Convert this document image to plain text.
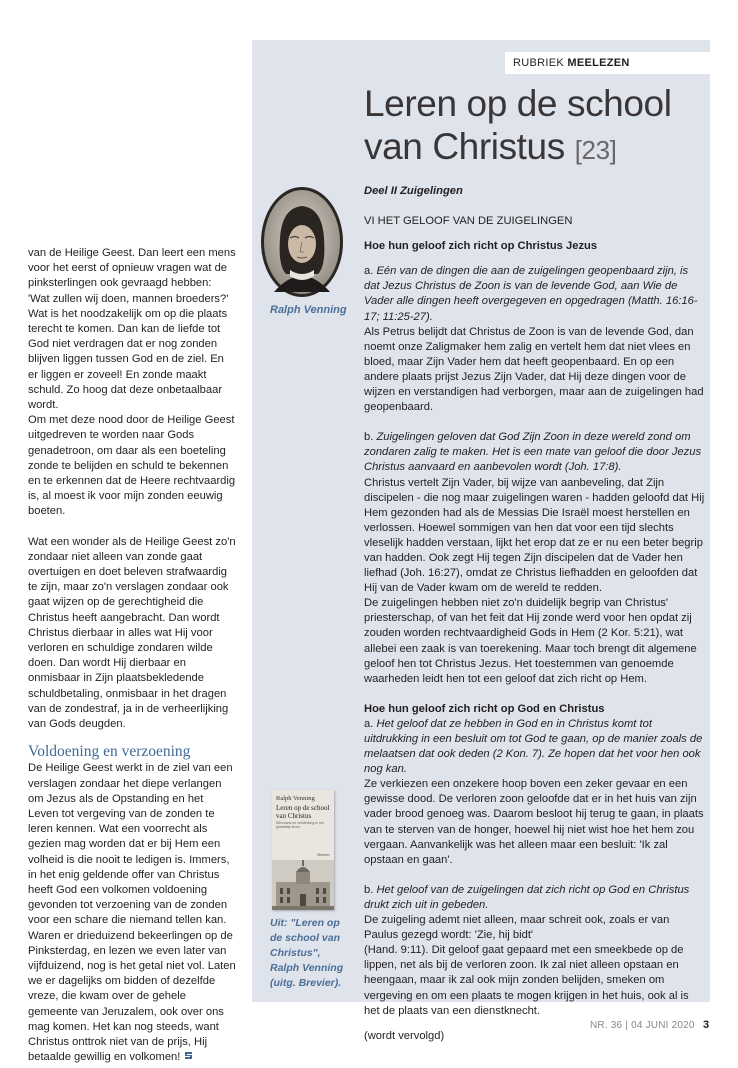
RUBRIEK MEELEZEN
Leren op de school
van Christus [23]
Ralph Venning

van de Heilige Geest. Dan leert een mens voor het eerst of opnieuw vragen wat de pinksterlingen ook gevraagd hebben: 'Wat zullen wij doen, mannen broeders?'

Wat is het noodzakelijk om op die plaats terecht te komen. Dan kan de liefde tot God niet verdragen dat er nog zonden blijven liggen tussen God en de ziel. En er liggen er zoveel! En zonde maakt schuld. Zo hoog dat deze onbetaalbaar wordt.

Om met deze nood door de Heilige Geest uitgedreven te worden naar Gods genadetroon, om daar als een boeteling zonde te belijden en schuld te bekennen en te erkennen dat de Heere rechtvaardig is, al moest ik voor mijn zonden eeuwig boeten.

Wat een wonder als de Heilige Geest zo'n zondaar niet alleen van zonde gaat overtuigen en doet beleven strafwaardig te zijn, maar zo'n verslagen zondaar ook gaat wijzen op de gerechtigheid die Christus heeft aangebracht. Dan wordt Christus dierbaar in alles wat Hij voor verloren en schuldige zondaren wilde doen. Dan wordt Hij dierbaar en onmisbaar in Zijn plaatsbekledende schuldbetaling, onmisbaar in het dragen van de zondestraf, ja in de verheerlijking van Gods deugden.

Voldoening en verzoening

De Heilige Geest werkt in de ziel van een verslagen zondaar het diepe verlangen om Jezus als de Opstanding en het Leven tot vergeving van de zonden te leren kennen. Wat een voorrecht als gezien mag worden dat er bij Hem een volheid is die nooit te ledigen is. Immers, in het enig geldende offer van Christus heeft God een volkomen voldoening gevonden tot verzoening van de zonden voor een schare die niemand tellen kan.

Waren er drieduizend bekeerlingen op de Pinksterdag, en lezen we even later van vijfduizend, nog is het getal niet vol. Laten we er dagelijks om bidden of dezelfde vreze, die kwam over de gehele gemeente van Jeruzalem, ook over ons mag komen. Het kan nog steeds, want Christus onttrok niet van de prijs, Hij betaalde gewillig en volkomen!

Deel II Zuigelingen

VI HET GELOOF VAN DE ZUIGELINGEN

Hoe hun geloof zich richt op Christus Jezus

a. Eén van de dingen die aan de zuigelingen geopenbaard zijn, is dat Jezus Christus de Zoon is van de levende God, aan Wie de Vader alle dingen heeft overgegeven en opgedragen (Matth. 16:16-17; 11:25-27).

Als Petrus belijdt dat Christus de Zoon is van de levende God, dan noemt onze Zaligmaker hem zalig en vertelt hem dat niet vlees en bloed, maar Zijn Vader hem dat heeft geopenbaard. En op een andere plaats prijst Jezus Zijn Vader, dat Hij deze dingen voor de wijzen en verstandigen had verborgen, maar aan de zuigelingen had geopenbaard.

b. Zuigelingen geloven dat God Zijn Zoon in deze wereld zond om zondaren zalig te maken. Het is een mate van geloof die door Jezus Christus aanvaard en aanbevolen wordt (Joh. 17:8).

Christus vertelt Zijn Vader, bij wijze van aanbeveling, dat Zijn discipelen - die nog maar zuigelingen waren - hadden geloofd dat Hij Hem gezonden had als de Messias Die Israël moest herstellen en verlossen. Hoewel sommigen van hen dat voor een tijd slechts vleselijk hadden verstaan, lijkt het erop dat ze er nu een beter begrip van hadden. Ook zegt Hij tegen Zijn discipelen dat de Vader hen liefhad (Joh. 16:27), omdat ze Christus liefhadden en geloofden dat Hij van de Vader kwam om de wereld te redden.

De zuigelingen hebben niet zo'n duidelijk begrip van Christus' priesterschap, of van het feit dat Hij zonde werd voor hen opdat zij zouden worden rechtvaardigheid Gods in Hem (2 Kor. 5:21), wat allebei een zaak is van toerekening. Maar toch brengt dit algemene geloof hen tot Christus Jezus. Het toestemmen van genoemde waarheden leidt hen tot een geloof dat zich richt op Hem.

Hoe hun geloof zich richt op God en Christus

a. Het geloof dat ze hebben in God en in Christus komt tot uitdrukking in een besluit om tot God te gaan, op de manier zoals de melaatsen dat ook deden (2 Kon. 7). Ze hopen dat het voor hen ook nog kan.

Ze verkiezen een onzekere hoop boven een zeker gevaar en een gewisse dood. De verloren zoon geloofde dat er in het huis van zijn vader brood genoeg was. Daarom besloot hij terug te gaan, in plaats van te sterven van de honger, hoewel hij niet wist hoe het hem zou vergaan. Aanvankelijk was het alleen maar een besluit: 'Ik zal opstaan en gaan'.

b. Het geloof van de zuigelingen dat zich richt op God en Christus drukt zich uit in gebeden.

De zuigeling ademt niet alleen, maar schreit ook, zoals er van Paulus gezegd wordt: 'Zie, hij bidt'

(Hand. 9:11). Dit geloof gaat gepaard met een smeekbede op de lippen, net als bij de verloren zoon. Ik zal niet alleen opstaan en heengaan, maar ik zal ook mijn zonden belijden, smeken om vergeving en om een plaats te mogen krijgen in het huis, ook al is het de plaats van een dienstknecht.

(wordt vervolgd)

Ralph Venning
Leren op de school van Christus
Stimulans en versterking in het geestelijk leven
Brevier
Uit: "Leren op de school van Christus", Ralph Venning (uitg. Brevier).
NR. 36 | 04 JUNI 2020 3
